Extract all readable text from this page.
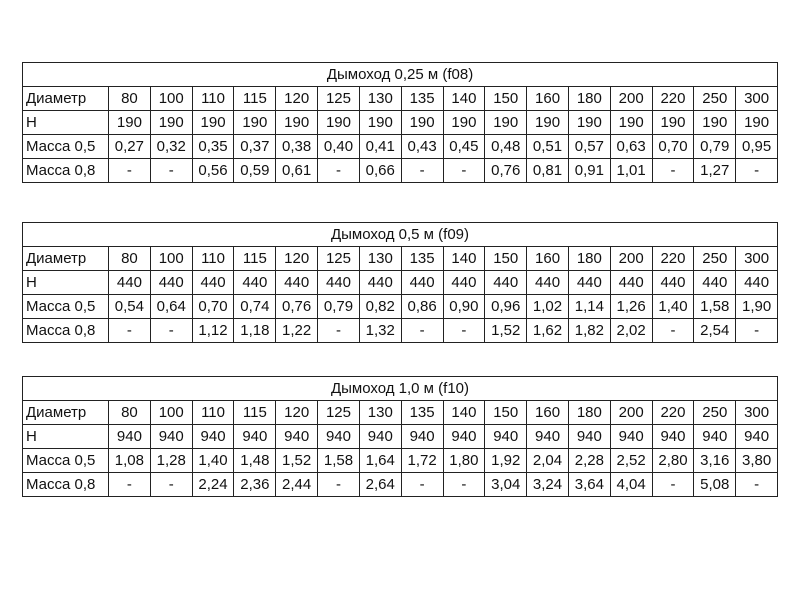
Дымоход 0,25 м (f08)																
Диаметр	80	100	110	115	120	125	130	135	140	150	160	180	200	220	250	300
H	190	190	190	190	190	190	190	190	190	190	190	190	190	190	190	190
Масса 0,5	0,27	0,32	0,35	0,37	0,38	0,40	0,41	0,43	0,45	0,48	0,51	0,57	0,63	0,70	0,79	0,95
Масса 0,8	-	-	0,56	0,59	0,61	-	0,66	-	-	0,76	0,81	0,91	1,01	-	1,27	-
Дымоход 0,5 м (f09)																
Диаметр	80	100	110	115	120	125	130	135	140	150	160	180	200	220	250	300
H	440	440	440	440	440	440	440	440	440	440	440	440	440	440	440	440
Масса 0,5	0,54	0,64	0,70	0,74	0,76	0,79	0,82	0,86	0,90	0,96	1,02	1,14	1,26	1,40	1,58	1,90
Масса 0,8	-	-	1,12	1,18	1,22	-	1,32	-	-	1,52	1,62	1,82	2,02	-	2,54	-
Дымоход 1,0 м (f10)																
Диаметр	80	100	110	115	120	125	130	135	140	150	160	180	200	220	250	300
H	940	940	940	940	940	940	940	940	940	940	940	940	940	940	940	940
Масса 0,5	1,08	1,28	1,40	1,48	1,52	1,58	1,64	1,72	1,80	1,92	2,04	2,28	2,52	2,80	3,16	3,80
Масса 0,8	-	-	2,24	2,36	2,44	-	2,64	-	-	3,04	3,24	3,64	4,04	-	5,08	-
